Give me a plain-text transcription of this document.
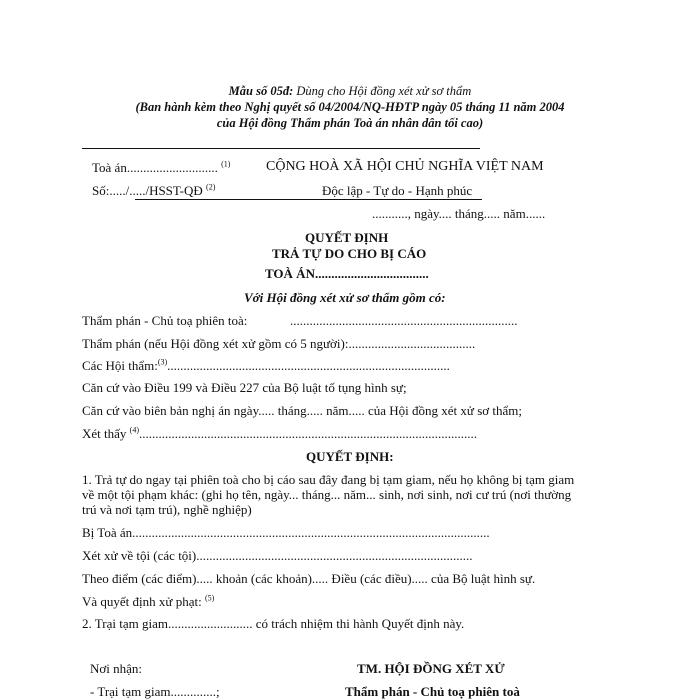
Mẫu số 05đ: Dùng cho Hội đồng xét xử sơ thẩm
(Ban hành kèm theo Nghị quyết số 04/2004/NQ-HĐTP ngày 05 tháng 11 năm 2004
của Hội đồng Thẩm phán Toà án nhân dân tối cao)
Toà án............................ $^{(1)}$
Số:...../...../HSST-QĐ $^{(2)}$
CỘNG HOÀ XÃ HỘI CHỦ NGHĨA VIỆT NAM
Độc lập - Tự do - Hạnh phúc
..........., ngày.... tháng..... năm......
QUYẾT ĐỊNH
TRẢ TỰ DO CHO BỊ CÁO
TOÀ ÁN...................................
Với Hội đồng xét xử sơ thẩm gồm có:
Thẩm phán - Chủ toạ phiên toà:	......................................................................
Thẩm phán (nếu Hội đồng xét xử gồm có 5 người):.......................................
Các Hội thẩm:$^{(3)}$.......................................................................................
Căn cứ vào Điều 199 và Điều 227 của Bộ luật tố tụng hình sự;
Căn cứ vào biên bản nghị án ngày..... tháng..... năm..... của Hội đồng xét xử sơ thẩm;
Xét thấy $^{(4)}$........................................................................................................
QUYẾT ĐỊNH:
1. Trả tự do ngay tại phiên toà cho bị cáo sau đây đang bị tạm giam, nếu họ không bị tạm giam
về một tội phạm khác: (ghi họ tên, ngày... tháng... năm... sinh, nơi sinh, nơi cư trú (nơi thường
trú và nơi tạm trú), nghề nghiệp)
Bị Toà án..............................................................................................................
Xét xử về tội (các tội).....................................................................................
Theo điểm (các điểm)..... khoản (các khoản)..... Điều (các điều)..... của Bộ luật hình sự.
Và quyết định xử phạt: $^{(5)}$
2. Trại tạm giam.......................... có trách nhiệm thi hành Quyết định này.
Nơi nhận:
- Trại tạm giam..............;
TM. HỘI ĐỒNG XÉT XỬ
Thẩm phán - Chủ toạ phiên toà
